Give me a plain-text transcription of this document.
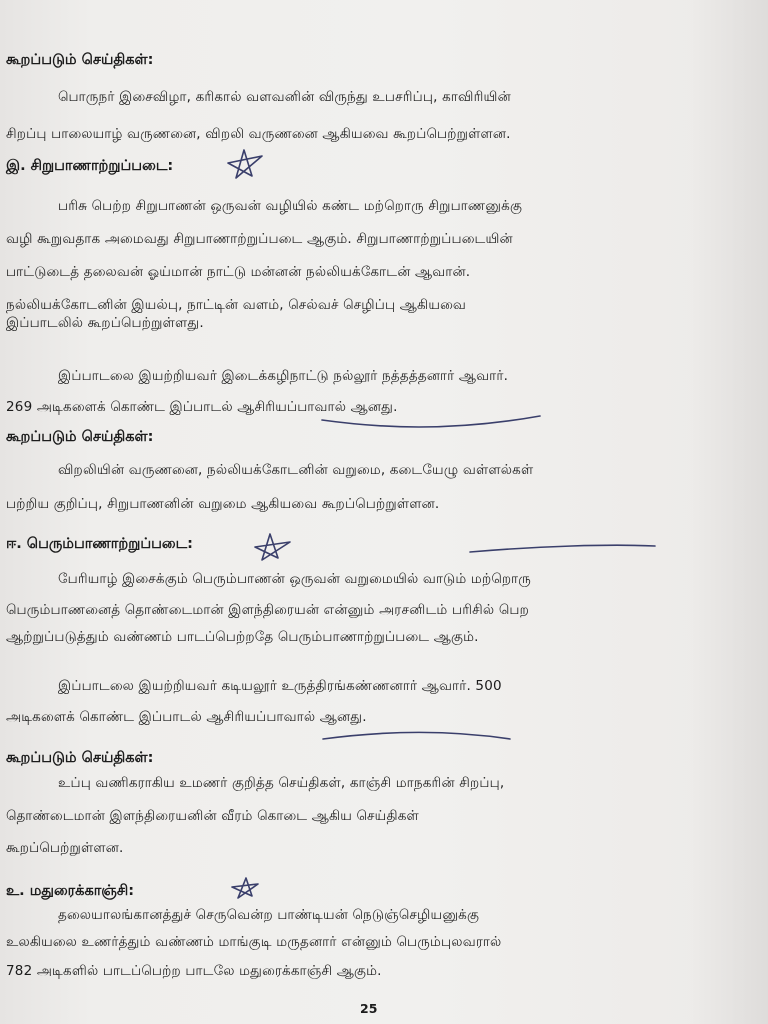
கூறப்படும் செய்திகள்:
பொருநர் இசைவிழா, கரிகால் வளவனின் விருந்து உபசரிப்பு, காவிரியின்
சிறப்பு பாலையாழ் வருணனை, விறலி வருணனை ஆகியவை கூறப்பெற்றுள்ளன.
இ. சிறுபாணாற்றுப்படை:
பரிசு பெற்ற சிறுபாணன் ஒருவன் வழியில் கண்ட மற்றொரு சிறுபாணனுக்கு
வழி கூறுவதாக அமைவது சிறுபாணாற்றுப்படை ஆகும். சிறுபாணாற்றுப்படையின்
பாட்டுடைத் தலைவன் ஓய்மான் நாட்டு மன்னன் நல்லியக்கோடன் ஆவான்.
நல்லியக்கோடனின் இயல்பு, நாட்டின் வளம், செல்வச் செழிப்பு ஆகியவை
இப்பாடலில் கூறப்பெற்றுள்ளது.
இப்பாடலை இயற்றியவர் இடைக்கழிநாட்டு நல்லூர் நத்தத்தனார் ஆவார்.
269 அடிகளைக் கொண்ட இப்பாடல் ஆசிரியப்பாவால் ஆனது.
கூறப்படும் செய்திகள்:
விறலியின் வருணனை, நல்லியக்கோடனின் வறுமை, கடையேழு வள்ளல்கள்
பற்றிய குறிப்பு, சிறுபாணனின் வறுமை ஆகியவை கூறப்பெற்றுள்ளன.
ஈ. பெரும்பாணாற்றுப்படை:
பேரியாழ் இசைக்கும் பெரும்பாணன் ஒருவன் வறுமையில் வாடும் மற்றொரு
பெரும்பாணனைத் தொண்டைமான் இளந்திரையன் என்னும் அரசனிடம் பரிசில் பெற
ஆற்றுப்படுத்தும் வண்ணம் பாடப்பெற்றதே பெரும்பாணாற்றுப்படை ஆகும்.
இப்பாடலை இயற்றியவர் கடியலூர் உருத்திரங்கண்ணனார் ஆவார். 500
அடிகளைக் கொண்ட இப்பாடல் ஆசிரியப்பாவால் ஆனது.
கூறப்படும் செய்திகள்:
உப்பு வணிகராகிய உமணர் குறித்த செய்திகள், காஞ்சி மாநகரின் சிறப்பு,
தொண்டைமான் இளந்திரையனின் வீரம் கொடை ஆகிய செய்திகள்
கூறப்பெற்றுள்ளன.
உ. மதுரைக்காஞ்சி:
தலையாலங்கானத்துச் செருவென்ற பாண்டியன் நெடுஞ்செழியனுக்கு
உலகியலை உணர்த்தும் வண்ணம் மாங்குடி மருதனார் என்னும் பெரும்புலவரால்
782 அடிகளில் பாடப்பெற்ற பாடலே மதுரைக்காஞ்சி ஆகும்.
25
